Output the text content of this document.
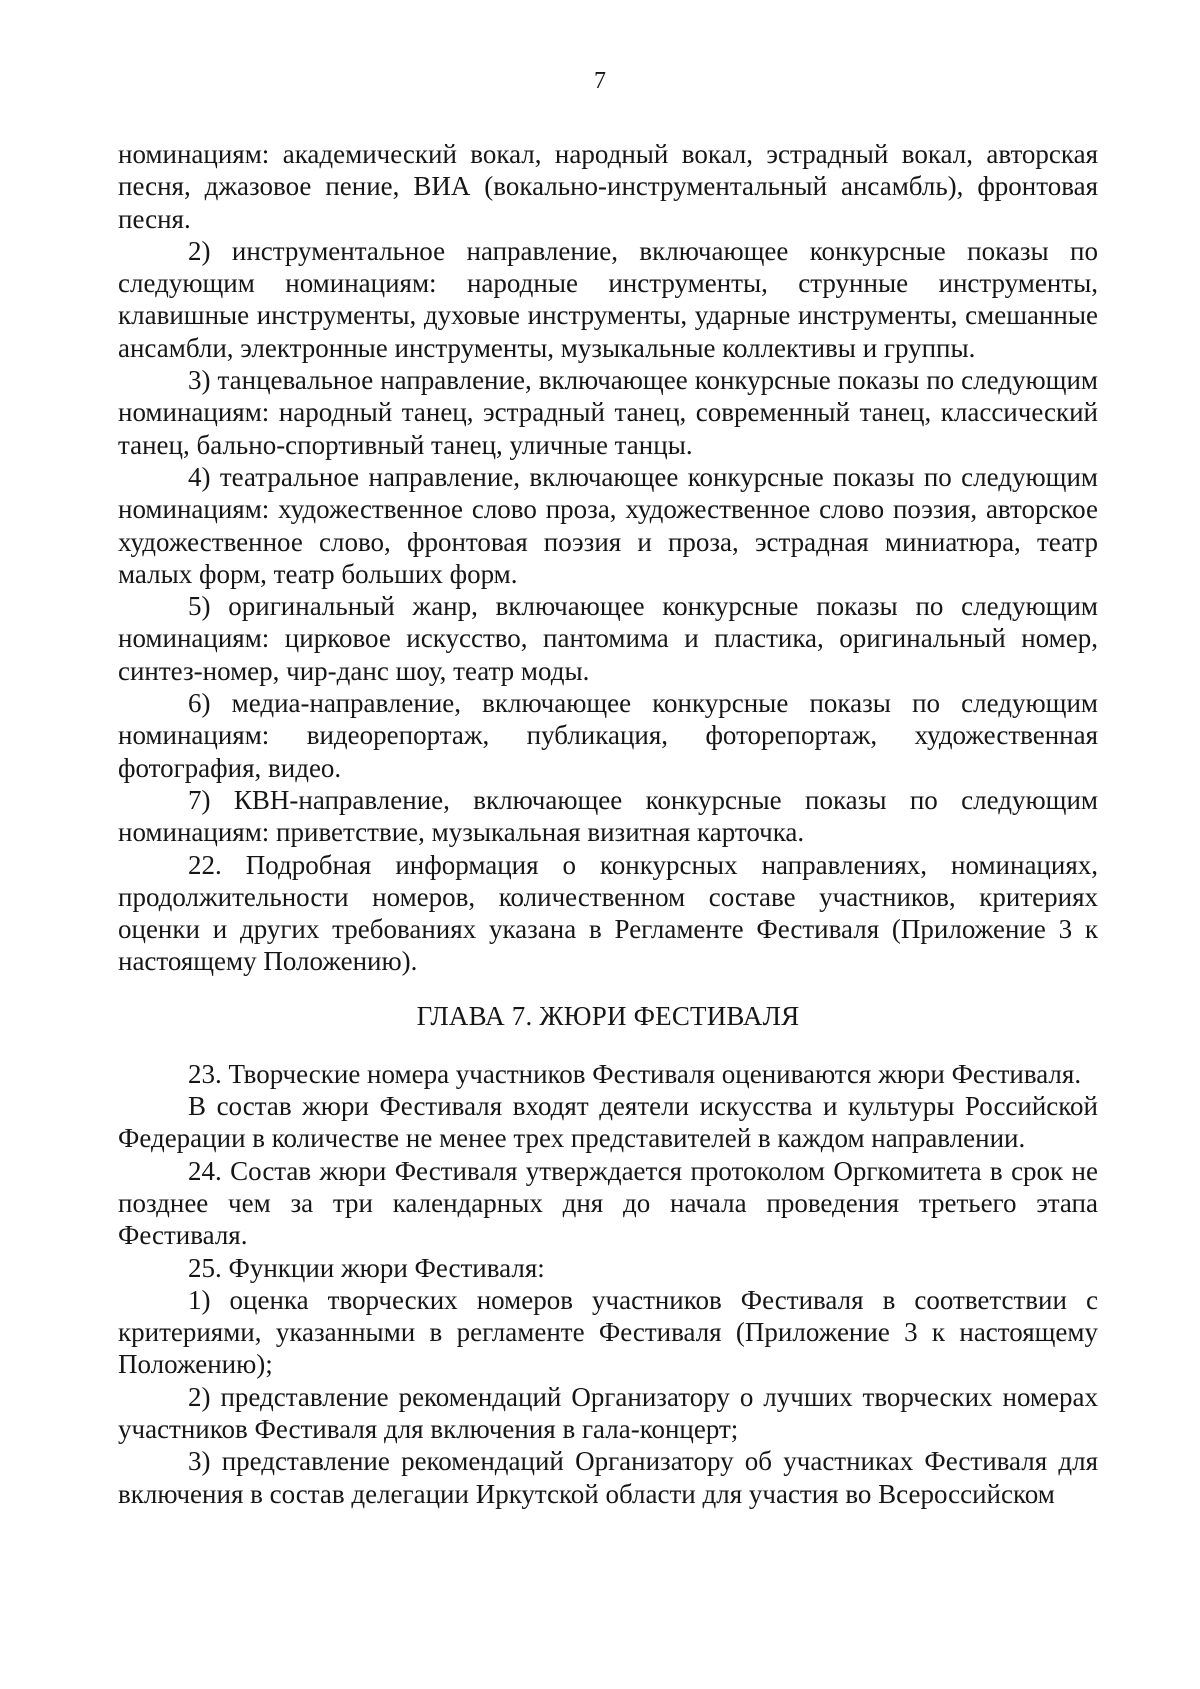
7

номинациям: академический вокал, народный вокал, эстрадный вокал, авторская песня, джазовое пение, ВИА (вокально-инструментальный ансамбль), фронтовая песня.

2) инструментальное направление, включающее конкурсные показы по следующим номинациям: народные инструменты, струнные инструменты, клавишные инструменты, духовые инструменты, ударные инструменты, смешанные ансамбли, электронные инструменты, музыкальные коллективы и группы.

3) танцевальное направление, включающее конкурсные показы по следующим номинациям: народный танец, эстрадный танец, современный танец, классический танец, бально-спортивный танец, уличные танцы.

4) театральное направление, включающее конкурсные показы по следующим номинациям: художественное слово проза, художественное слово поэзия, авторское художественное слово, фронтовая поэзия и проза, эстрадная миниатюра, театр малых форм, театр больших форм.

5) оригинальный жанр, включающее конкурсные показы по следующим номинациям: цирковое искусство, пантомима и пластика, оригинальный номер, синтез-номер, чир-данс шоу, театр моды.

6) медиа-направление, включающее конкурсные показы по следующим номинациям: видеорепортаж, публикация, фоторепортаж, художественная фотография, видео.

7) КВН-направление, включающее конкурсные показы по следующим номинациям: приветствие, музыкальная визитная карточка.

22. Подробная информация о конкурсных направлениях, номинациях, продолжительности номеров, количественном составе участников, критериях оценки и других требованиях указана в Регламенте Фестиваля (Приложение 3 к настоящему Положению).

ГЛАВА 7. ЖЮРИ ФЕСТИВАЛЯ

23. Творческие номера участников Фестиваля оцениваются жюри Фестиваля.

В состав жюри Фестиваля входят деятели искусства и культуры Российской Федерации в количестве не менее трех представителей в каждом направлении.

24. Состав жюри Фестиваля утверждается протоколом Оргкомитета в срок не позднее чем за три календарных дня до начала проведения третьего этапа Фестиваля.

25. Функции жюри Фестиваля:

1) оценка творческих номеров участников Фестиваля в соответствии с критериями, указанными в регламенте Фестиваля (Приложение 3 к настоящему Положению);

2) представление рекомендаций Организатору о лучших творческих номерах участников Фестиваля для включения в гала-концерт;

3) представление рекомендаций Организатору об участниках Фестиваля для включения в состав делегации Иркутской области для участия во Всероссийском
